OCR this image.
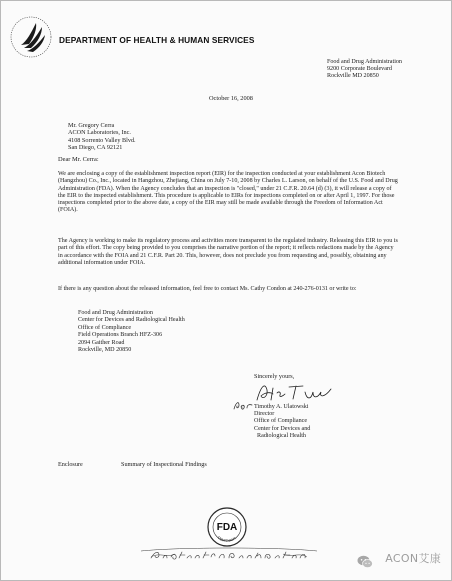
DEPARTMENT OF HEALTH & HUMAN SERVICES
Food and Drug Administration
9200 Corporate Boulevard
Rockville MD 20850
October 16, 2008
Mr. Gregory Cerra
ACON Laboratories, Inc.
4108 Sorrento Valley Blvd.
San Diego, CA 92121
Dear Mr. Cerra:
We are enclosing a copy of the establishment inspection report (EIR) for the inspection conducted at your establishment Acon Biotech (Hangzhou) Co., Inc., located in Hangzhou, Zhejiang, China on July 7-10, 2008 by Charles L. Larson, on behalf of the U.S. Food and Drug Administration (FDA). When the Agency concludes that an inspection is "closed," under 21 C.F.R. 20.64 (d) (3), it will release a copy of the EIR to the inspected establishment. This procedure is applicable to EIRs for inspections completed on or after April 1, 1997. For those inspections completed prior to the above date, a copy of the EIR may still be made available through the Freedom of Information Act (FOIA).
The Agency is working to make its regulatory process and activities more transparent to the regulated industry. Releasing this EIR to you is part of this effort. The copy being provided to you comprises the narrative portion of the report; it reflects redactions made by the Agency in accordance with the FOIA and 21 C.F.R. Part 20. This, however, does not preclude you from requesting and, possibly, obtaining any additional information under FOIA.
If there is any question about the released information, feel free to contact Ms. Cathy Condon at 240-276-0131 or write to:
Food and Drug Administration
Center for Devices and Radiological Health
Office of Compliance
Field Operations Branch HFZ-306
2094 Gaither Road
Rockville, MD 20850
Sincerely yours,
Timothy A. Ulatowski
Director
Office of Compliance
Center for Devices and
Radiological Health
Enclosure	Summary of Inspectional Findings
FDA
CENTENNIAL
ACON艾康
